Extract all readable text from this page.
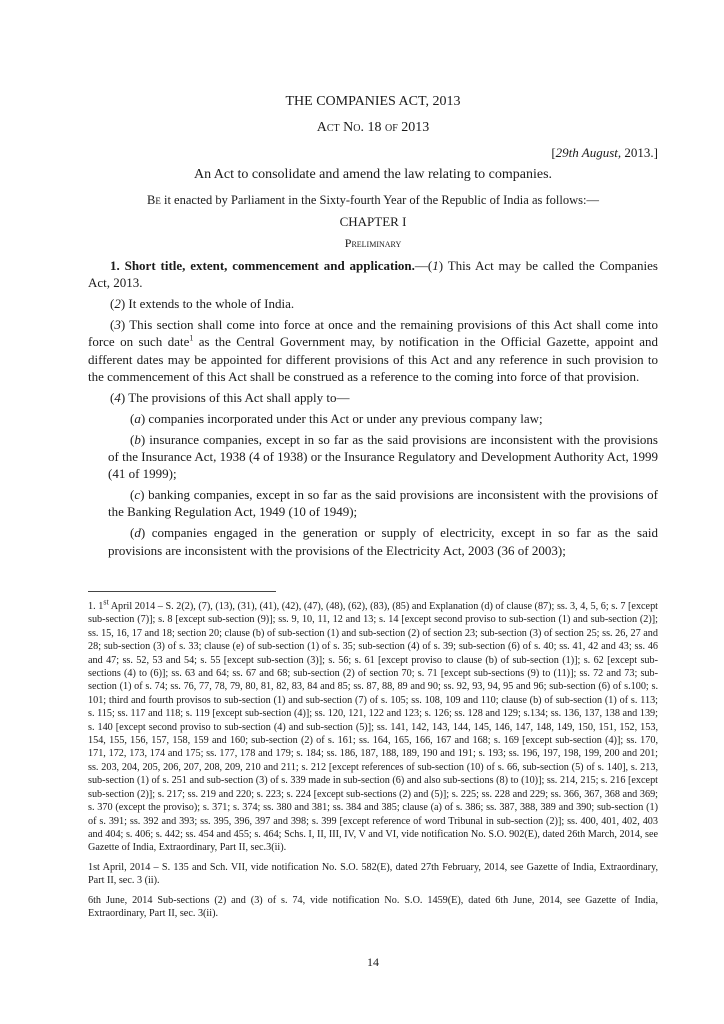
THE COMPANIES ACT, 2013
Act No. 18 of 2013
[29th August, 2013.]
An Act to consolidate and amend the law relating to companies.
Be it enacted by Parliament in the Sixty-fourth Year of the Republic of India as follows:—
CHAPTER I
Preliminary

1. Short title, extent, commencement and application.—(1) This Act may be called the Companies Act, 2013.

(2) It extends to the whole of India.

(3) This section shall come into force at once and the remaining provisions of this Act shall come into force on such date$^1$ as the Central Government may, by notification in the Official Gazette, appoint and different dates may be appointed for different provisions of this Act and any reference in such provision to the commencement of this Act shall be construed as a reference to the coming into force of that provision.

(4) The provisions of this Act shall apply to—

(a) companies incorporated under this Act or under any previous company law;

(b) insurance companies, except in so far as the said provisions are inconsistent with the provisions of the Insurance Act, 1938 (4 of 1938) or the Insurance Regulatory and Development Authority Act, 1999 (41 of 1999);

(c) banking companies, except in so far as the said provisions are inconsistent with the provisions of the Banking Regulation Act, 1949 (10 of 1949);

(d) companies engaged in the generation or supply of electricity, except in so far as the said provisions are inconsistent with the provisions of the Electricity Act, 2003 (36 of 2003);

1. 1st April 2014 – S. 2(2), (7), (13), (31), (41), (42), (47), (48), (62), (83), (85) and Explanation (d) of clause (87); ss. 3, 4, 5, 6; s. 7 [except sub-section (7)]; s. 8 [except sub-section (9)]; ss. 9, 10, 11, 12 and 13; s. 14 [except second proviso to sub-section (1) and sub-section (2)]; ss. 15, 16, 17 and 18; section 20; clause (b) of sub-section (1) and sub-section (2) of section 23; sub-section (3) of section 25; ss. 26, 27 and 28; sub-section (3) of s. 33; clause (e) of sub-section (1) of s. 35; sub-section (4) of s. 39; sub-section (6) of s. 40; ss. 41, 42 and 43; ss. 46 and 47; ss. 52, 53 and 54; s. 55 [except sub-section (3)]; s. 56; s. 61 [except proviso to clause (b) of sub-section (1)]; s. 62 [except sub-sections (4) to (6)]; ss. 63 and 64; ss. 67 and 68; sub-section (2) of section 70; s. 71 [except sub-sections (9) to (11)]; ss. 72 and 73; sub-section (1) of s. 74; ss. 76, 77, 78, 79, 80, 81, 82, 83, 84 and 85; ss. 87, 88, 89 and 90; ss. 92, 93, 94, 95 and 96; sub-section (6) of s.100; s. 101; third and fourth provisos to sub-section (1) and sub-section (7) of s. 105; ss. 108, 109 and 110; clause (b) of sub-section (1) of s. 113; s. 115; ss. 117 and 118; s. 119 [except sub-section (4)]; ss. 120, 121, 122 and 123; s. 126; ss. 128 and 129; s.134; ss. 136, 137, 138 and 139; s. 140 [except second proviso to sub-section (4) and sub-section (5)]; ss. 141, 142, 143, 144, 145, 146, 147, 148, 149, 150, 151, 152, 153, 154, 155, 156, 157, 158, 159 and 160; sub-section (2) of s. 161; ss. 164, 165, 166, 167 and 168; s. 169 [except sub-section (4)]; ss. 170, 171, 172, 173, 174 and 175; ss. 177, 178 and 179; s. 184; ss. 186, 187, 188, 189, 190 and 191; s. 193; ss. 196, 197, 198, 199, 200 and 201; ss. 203, 204, 205, 206, 207, 208, 209, 210 and 211; s. 212 [except references of sub-section (10) of s. 66, sub-section (5) of s. 140], s. 213, sub-section (1) of s. 251 and sub-section (3) of s. 339 made in sub-section (6) and also sub-sections (8) to (10)]; ss. 214, 215; s. 216 [except sub-section (2)]; s. 217; ss. 219 and 220; s. 223; s. 224 [except sub-sections (2) and (5)]; s. 225; ss. 228 and 229; ss. 366, 367, 368 and 369; s. 370 (except the proviso); s. 371; s. 374; ss. 380 and 381; ss. 384 and 385; clause (a) of s. 386; ss. 387, 388, 389 and 390; sub-section (1) of s. 391; ss. 392 and 393; ss. 395, 396, 397 and 398; s. 399 [except reference of word Tribunal in sub-section (2)]; ss. 400, 401, 402, 403 and 404; s. 406; s. 442; ss. 454 and 455; s. 464; Schs. I, II, III, IV, V and VI, vide notification No. S.O. 902(E), dated 26th March, 2014, see Gazette of India, Extraordinary, Part II, sec.3(ii).

1st April, 2014 – S. 135 and Sch. VII, vide notification No. S.O. 582(E), dated 27th February, 2014, see Gazette of India, Extraordinary, Part II, sec. 3 (ii).

6th June, 2014 Sub-sections (2) and (3) of s. 74, vide notification No. S.O. 1459(E), dated 6th June, 2014, see Gazette of India, Extraordinary, Part II, sec. 3(ii).

14
